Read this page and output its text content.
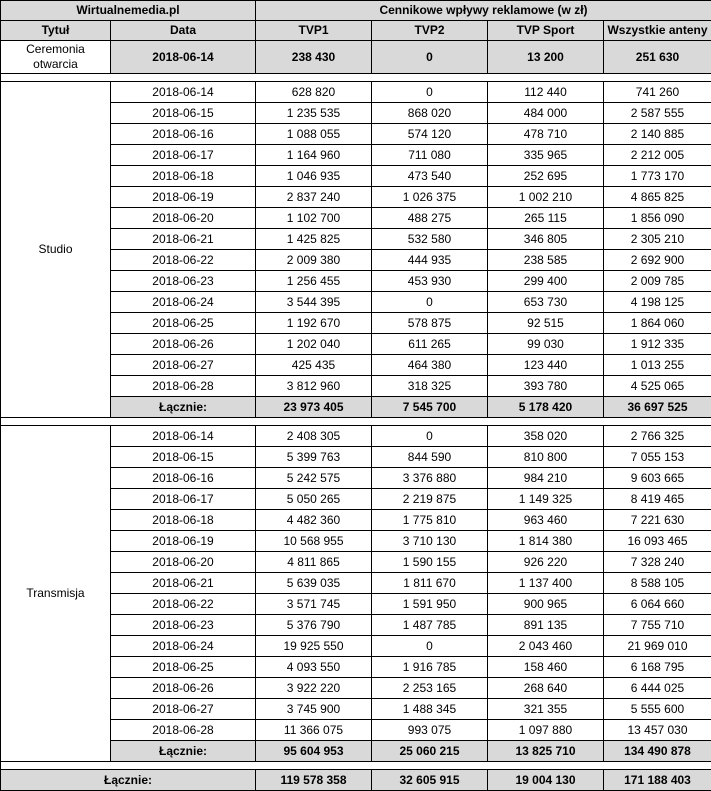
Wirtualnemedia.pl		Cennikowe wpływy reklamowe (w zł)			
Tytuł	Data	TVP1	TVP2	TVP Sport	Wszystkie anteny
Ceremonia
otwarcia	2018-06-14	238 430	0	13 200	251 630

Studio	2018-06-14	628 820	0	112 440	741 260
	2018-06-15	1 235 535	868 020	484 000	2 587 555
	2018-06-16	1 088 055	574 120	478 710	2 140 885
	2018-06-17	1 164 960	711 080	335 965	2 212 005
	2018-06-18	1 046 935	473 540	252 695	1 773 170
	2018-06-19	2 837 240	1 026 375	1 002 210	4 865 825
	2018-06-20	1 102 700	488 275	265 115	1 856 090
	2018-06-21	1 425 825	532 580	346 805	2 305 210
	2018-06-22	2 009 380	444 935	238 585	2 692 900
	2018-06-23	1 256 455	453 930	299 400	2 009 785
	2018-06-24	3 544 395	0	653 730	4 198 125
	2018-06-25	1 192 670	578 875	92 515	1 864 060
	2018-06-26	1 202 040	611 265	99 030	1 912 335
	2018-06-27	425 435	464 380	123 440	1 013 255
	2018-06-28	3 812 960	318 325	393 780	4 525 065
	Łącznie:	23 973 405	7 545 700	5 178 420	36 697 525

Transmisja	2018-06-14	2 408 305	0	358 020	2 766 325
	2018-06-15	5 399 763	844 590	810 800	7 055 153
	2018-06-16	5 242 575	3 376 880	984 210	9 603 665
	2018-06-17	5 050 265	2 219 875	1 149 325	8 419 465
	2018-06-18	4 482 360	1 775 810	963 460	7 221 630
	2018-06-19	10 568 955	3 710 130	1 814 380	16 093 465
	2018-06-20	4 811 865	1 590 155	926 220	7 328 240
	2018-06-21	5 639 035	1 811 670	1 137 400	8 588 105
	2018-06-22	3 571 745	1 591 950	900 965	6 064 660
	2018-06-23	5 376 790	1 487 785	891 135	7 755 710
	2018-06-24	19 925 550	0	2 043 460	21 969 010
	2018-06-25	4 093 550	1 916 785	158 460	6 168 795
	2018-06-26	3 922 220	2 253 165	268 640	6 444 025
	2018-06-27	3 745 900	1 488 345	321 355	5 555 600
	2018-06-28	11 366 075	993 075	1 097 880	13 457 030
	Łącznie:	95 604 953	25 060 215	13 825 710	134 490 878

Łącznie:		119 578 358	32 605 915	19 004 130	171 188 403
